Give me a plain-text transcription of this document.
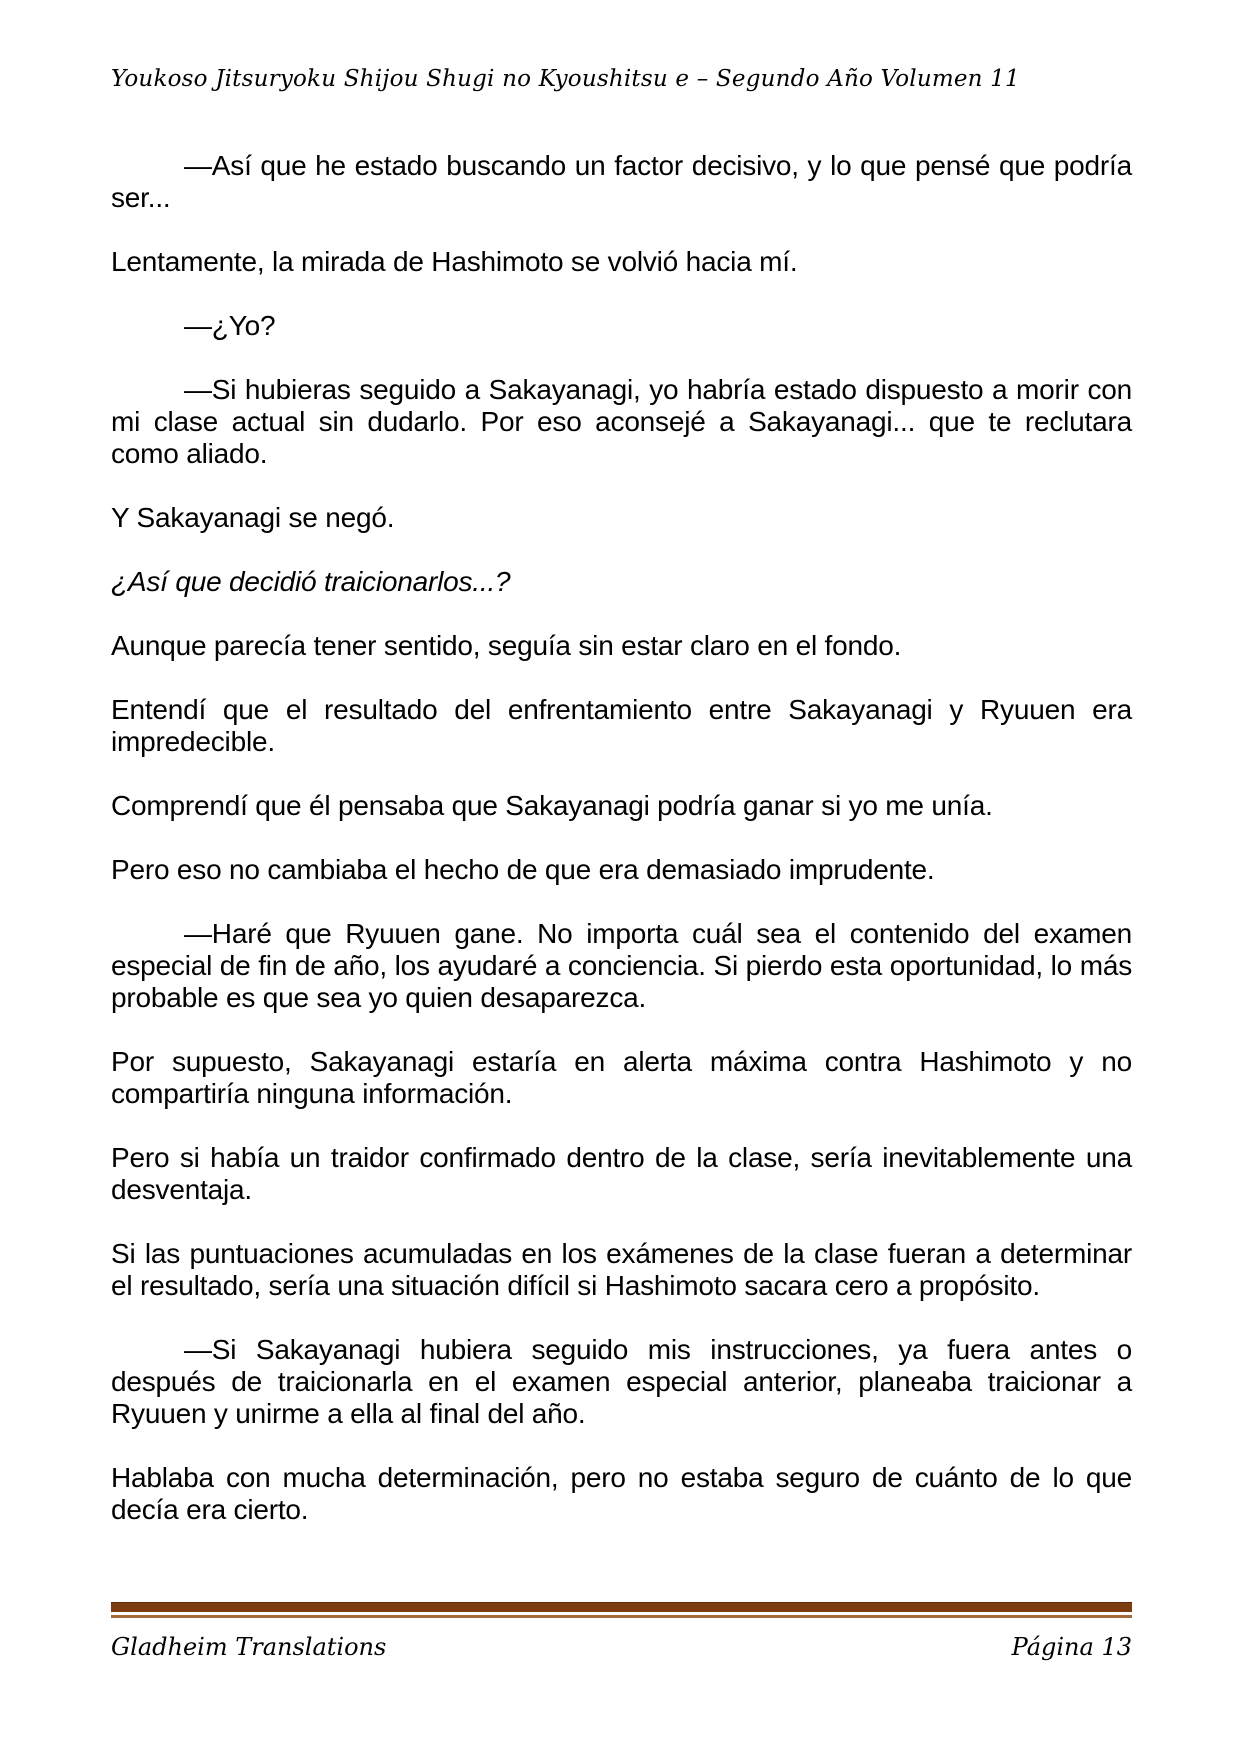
Youkoso Jitsuryoku Shijou Shugi no Kyoushitsu e – Segundo Año Volumen 11

—Así que he estado buscando un factor decisivo, y lo que pensé que podría ser...

Lentamente, la mirada de Hashimoto se volvió hacia mí.

—¿Yo?

—Si hubieras seguido a Sakayanagi, yo habría estado dispuesto a morir con mi clase actual sin dudarlo. Por eso aconsejé a Sakayanagi... que te reclutara como aliado.

Y Sakayanagi se negó.

¿Así que decidió traicionarlos...?

Aunque parecía tener sentido, seguía sin estar claro en el fondo.

Entendí que el resultado del enfrentamiento entre Sakayanagi y Ryuuen era impredecible.

Comprendí que él pensaba que Sakayanagi podría ganar si yo me unía.

Pero eso no cambiaba el hecho de que era demasiado imprudente.

—Haré que Ryuuen gane. No importa cuál sea el contenido del examen especial de fin de año, los ayudaré a conciencia. Si pierdo esta oportunidad, lo más probable es que sea yo quien desaparezca.

Por supuesto, Sakayanagi estaría en alerta máxima contra Hashimoto y no compartiría ninguna información.

Pero si había un traidor confirmado dentro de la clase, sería inevitablemente una desventaja.

Si las puntuaciones acumuladas en los exámenes de la clase fueran a determinar el resultado, sería una situación difícil si Hashimoto sacara cero a propósito.

—Si Sakayanagi hubiera seguido mis instrucciones, ya fuera antes o después de traicionarla en el examen especial anterior, planeaba traicionar a Ryuuen y unirme a ella al final del año.

Hablaba con mucha determinación, pero no estaba seguro de cuánto de lo que decía era cierto.

Gladheim Translations	Página 13
